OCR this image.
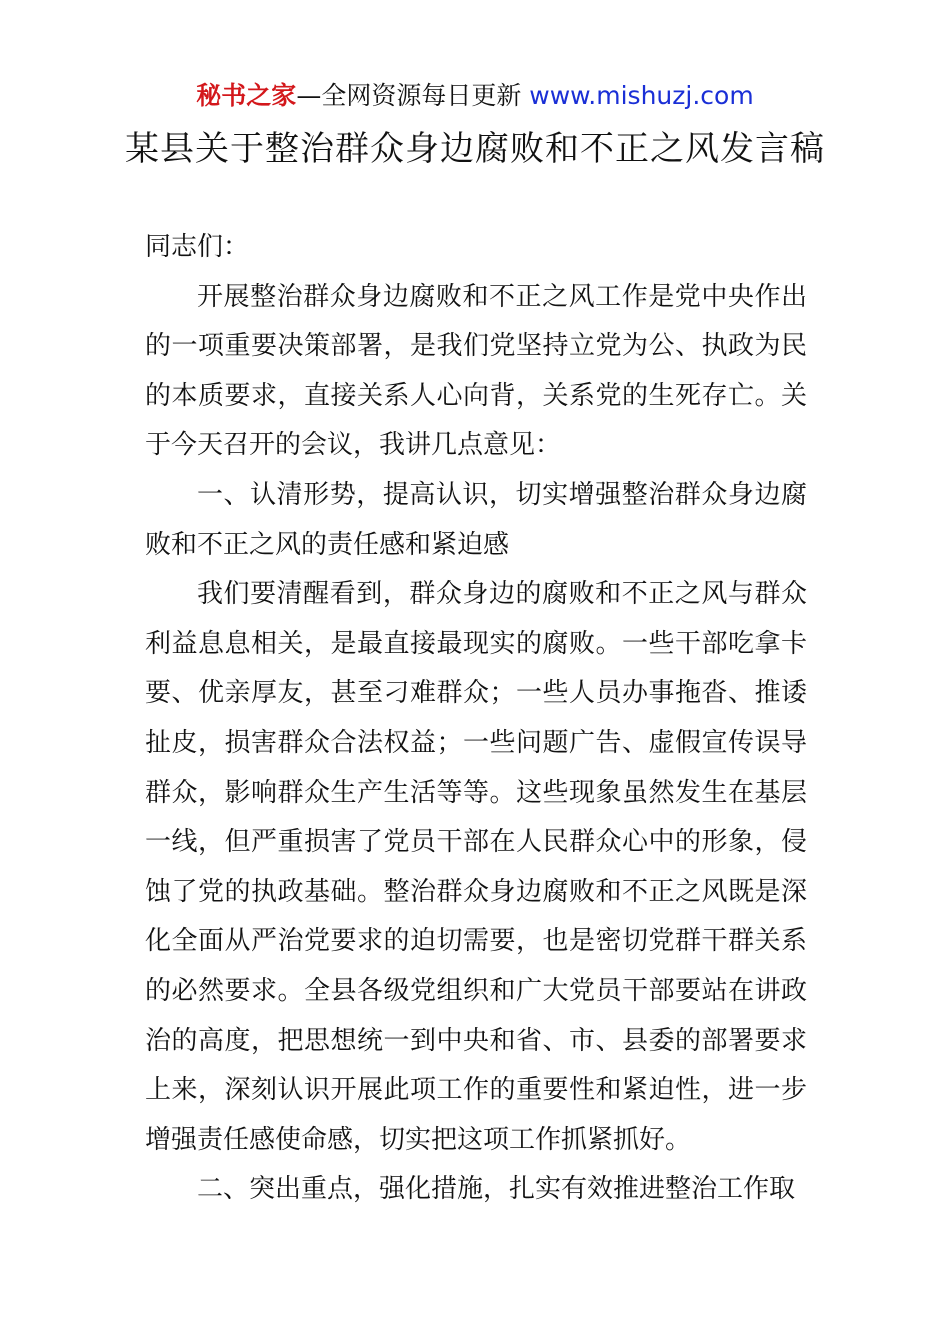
秘书之家—全网资源每日更新 www.mishuzj.com
某县关于整治群众身边腐败和不正之风发言稿

同志们：

开展整治群众身边腐败和不正之风工作是党中央作出的一项重要决策部署，是我们党坚持立党为公、执政为民的本质要求，直接关系人心向背，关系党的生死存亡。关于今天召开的会议，我讲几点意见：

一、认清形势，提高认识，切实增强整治群众身边腐败和不正之风的责任感和紧迫感

我们要清醒看到，群众身边的腐败和不正之风与群众利益息息相关，是最直接最现实的腐败。一些干部吃拿卡要、优亲厚友，甚至刁难群众；一些人员办事拖沓、推诿扯皮，损害群众合法权益；一些问题广告、虚假宣传误导群众，影响群众生产生活等等。这些现象虽然发生在基层一线，但严重损害了党员干部在人民群众心中的形象，侵蚀了党的执政基础。整治群众身边腐败和不正之风既是深化全面从严治党要求的迫切需要，也是密切党群干群关系的必然要求。全县各级党组织和广大党员干部要站在讲政治的高度，把思想统一到中央和省、市、县委的部署要求上来，深刻认识开展此项工作的重要性和紧迫性，进一步增强责任感使命感，切实把这项工作抓紧抓好。

二、突出重点，强化措施，扎实有效推进整治工作取
